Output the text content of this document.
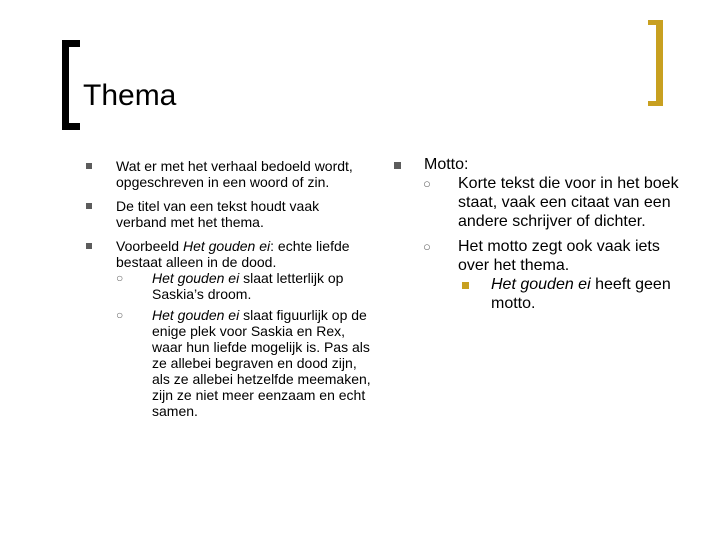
Thema
Wat er met het verhaal bedoeld wordt, opgeschreven in een woord of zin.
De titel van een tekst houdt vaak verband met het thema.
Voorbeeld Het gouden ei: echte liefde bestaat alleen in de dood.
○ Het gouden ei slaat letterlijk op Saskia’s droom.
○ Het gouden ei slaat figuurlijk op de enige plek voor Saskia en Rex, waar hun liefde mogelijk is. Pas als ze allebei begraven en dood zijn, als ze allebei hetzelfde meemaken, zijn ze niet meer eenzaam en echt samen.
Motto:
○ Korte tekst die voor in het boek staat, vaak een citaat van een andere schrijver of dichter.
○ Het motto zegt ook vaak iets over het thema.
Het gouden ei heeft geen motto.
